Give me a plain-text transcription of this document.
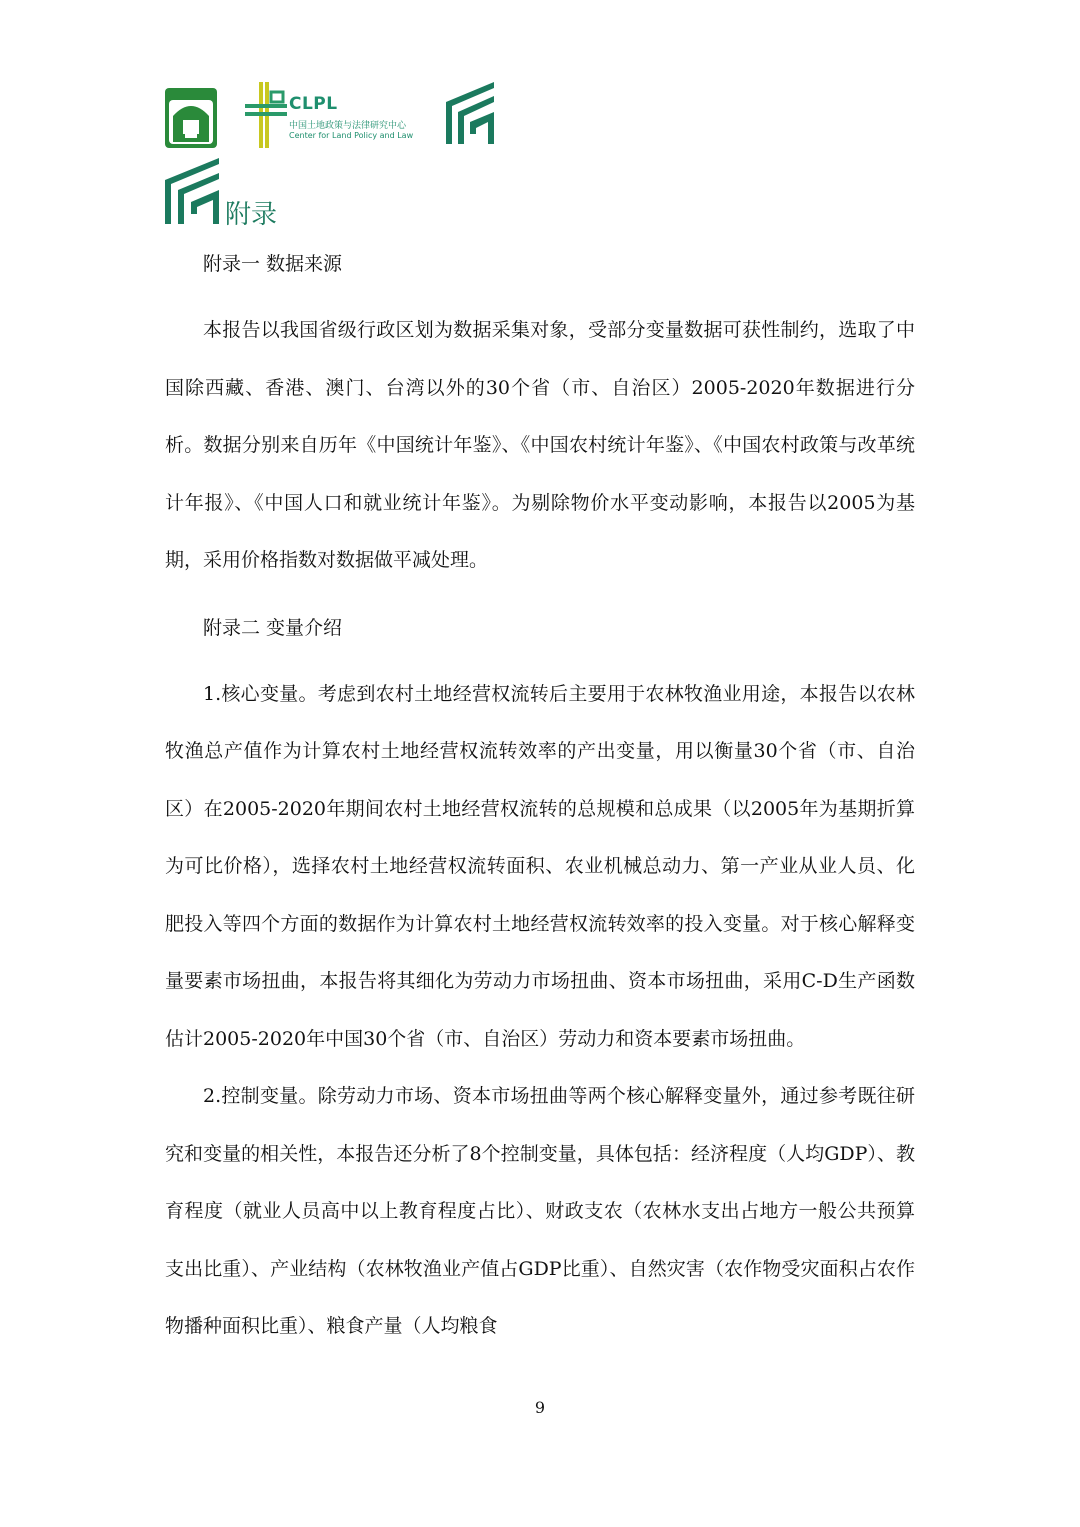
CLPL
中国土地政策与法律研究中心
Center for Land Policy and Law
附录

附录一 数据来源

本报告以我国省级行政区划为数据采集对象，受部分变量数据可获性制约，选取了中国除西藏、香港、澳门、台湾以外的30个省（市、自治区）2005-2020年数据进行分析。数据分别来自历年《中国统计年鉴》、《中国农村统计年鉴》、《中国农村政策与改革统计年报》、《中国人口和就业统计年鉴》。为剔除物价水平变动影响，本报告以2005为基期，采用价格指数对数据做平减处理。

附录二 变量介绍

1.核心变量。考虑到农村土地经营权流转后主要用于农林牧渔业用途，本报告以农林牧渔总产值作为计算农村土地经营权流转效率的产出变量，用以衡量30个省（市、自治区）在2005-2020年期间农村土地经营权流转的总规模和总成果（以2005年为基期折算为可比价格），选择农村土地经营权流转面积、农业机械总动力、第一产业从业人员、化肥投入等四个方面的数据作为计算农村土地经营权流转效率的投入变量。对于核心解释变量要素市场扭曲，本报告将其细化为劳动力市场扭曲、资本市场扭曲，采用C-D生产函数估计2005-2020年中国30个省（市、自治区）劳动力和资本要素市场扭曲。

2.控制变量。除劳动力市场、资本市场扭曲等两个核心解释变量外，通过参考既往研究和变量的相关性，本报告还分析了8个控制变量，具体包括：经济程度（人均GDP）、教育程度（就业人员高中以上教育程度占比）、财政支农（农林水支出占地方一般公共预算支出比重）、产业结构（农林牧渔业产值占GDP比重）、自然灾害（农作物受灾面积占农作物播种面积比重）、粮食产量（人均粮食

9
